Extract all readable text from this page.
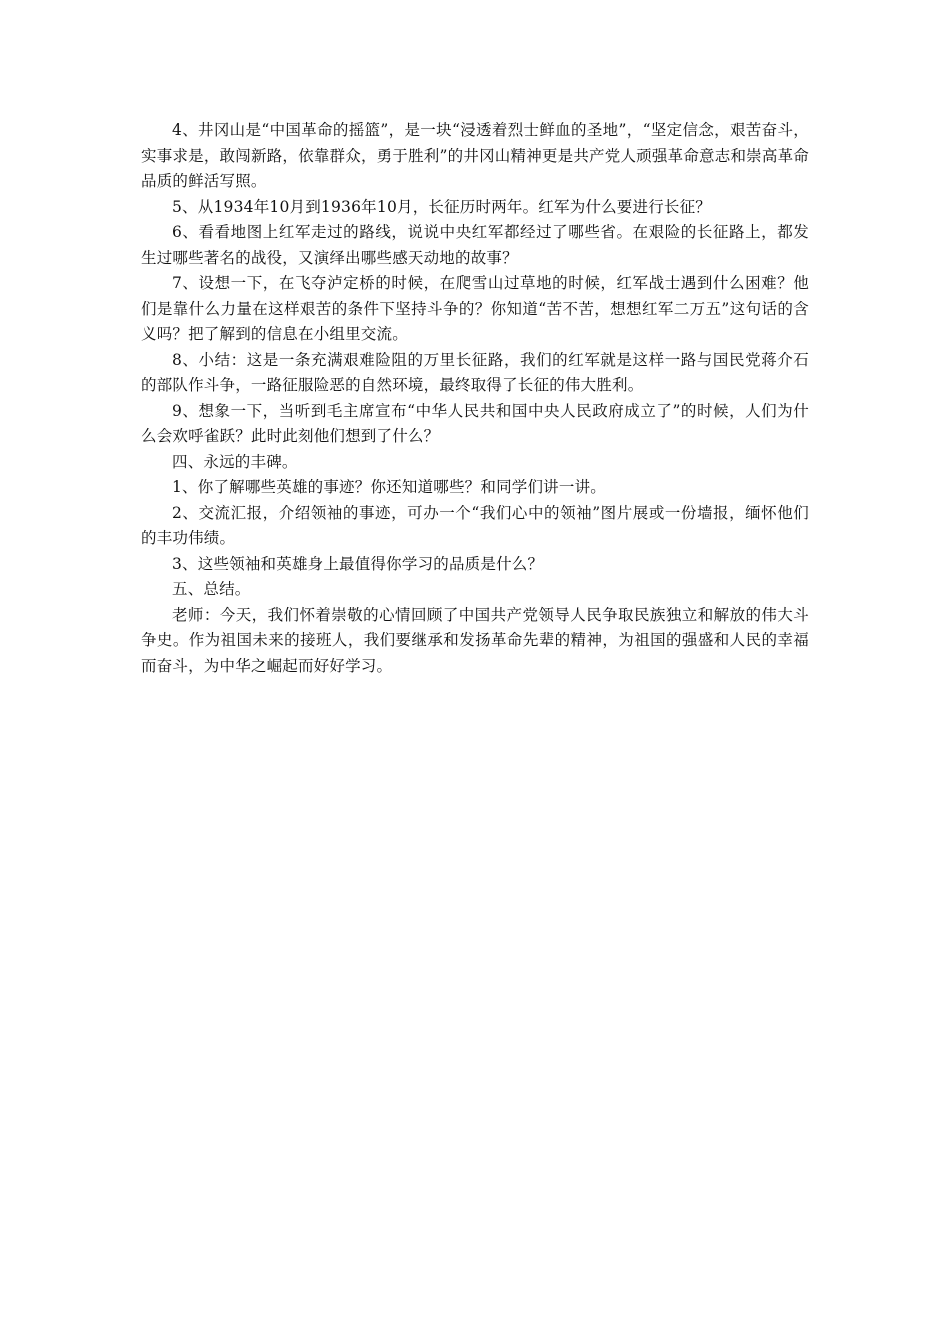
4、井冈山是“中国革命的摇篮”，是一块“浸透着烈士鲜血的圣地”，“坚定信念，艰苦奋斗，实事求是，敢闯新路，依靠群众，勇于胜利”的井冈山精神更是共产党人顽强革命意志和崇高革命品质的鲜活写照。

5、从1934年10月到1936年10月，长征历时两年。红军为什么要进行长征？

6、看看地图上红军走过的路线，说说中央红军都经过了哪些省。在艰险的长征路上，都发生过哪些著名的战役，又演绎出哪些感天动地的故事？

7、设想一下，在飞夺泸定桥的时候，在爬雪山过草地的时候，红军战士遇到什么困难？他们是靠什么力量在这样艰苦的条件下坚持斗争的？你知道“苦不苦，想想红军二万五”这句话的含义吗？把了解到的信息在小组里交流。

8、小结：这是一条充满艰难险阻的万里长征路，我们的红军就是这样一路与国民党蒋介石的部队作斗争，一路征服险恶的自然环境，最终取得了长征的伟大胜利。

9、想象一下，当听到毛主席宣布“中华人民共和国中央人民政府成立了”的时候，人们为什么会欢呼雀跃？此时此刻他们想到了什么？

四、永远的丰碑。

1、你了解哪些英雄的事迹？你还知道哪些？和同学们讲一讲。

2、交流汇报，介绍领袖的事迹，可办一个“我们心中的领袖”图片展或一份墙报，缅怀他们的丰功伟绩。

3、这些领袖和英雄身上最值得你学习的品质是什么？

五、总结。

老师：今天，我们怀着崇敬的心情回顾了中国共产党领导人民争取民族独立和解放的伟大斗争史。作为祖国未来的接班人，我们要继承和发扬革命先辈的精神，为祖国的强盛和人民的幸福而奋斗，为中华之崛起而好好学习。
